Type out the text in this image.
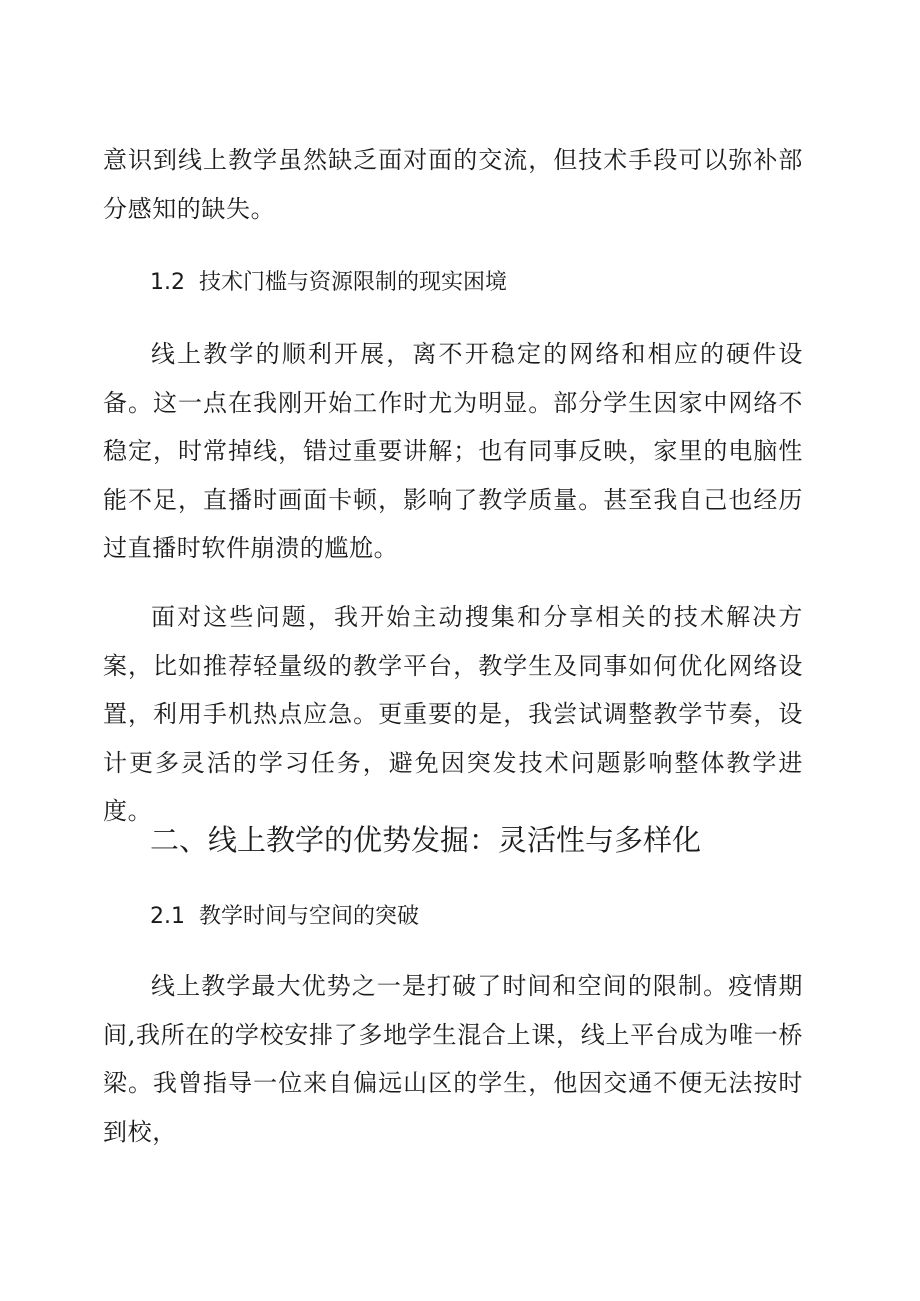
意识到线上教学虽然缺乏面对面的交流，但技术手段可以弥补部分感知的缺失。

1.2 技术门槛与资源限制的现实困境

线上教学的顺利开展，离不开稳定的网络和相应的硬件设备。这一点在我刚开始工作时尤为明显。部分学生因家中网络不稳定，时常掉线，错过重要讲解；也有同事反映，家里的电脑性能不足，直播时画面卡顿，影响了教学质量。甚至我自己也经历过直播时软件崩溃的尴尬。

面对这些问题，我开始主动搜集和分享相关的技术解决方案，比如推荐轻量级的教学平台，教学生及同事如何优化网络设置，利用手机热点应急。更重要的是，我尝试调整教学节奏，设计更多灵活的学习任务，避免因突发技术问题影响整体教学进度。

二、线上教学的优势发掘：灵活性与多样化
2.1 教学时间与空间的突破

线上教学最大优势之一是打破了时间和空间的限制。疫情期间,我所在的学校安排了多地学生混合上课，线上平台成为唯一桥梁。我曾指导一位来自偏远山区的学生，他因交通不便无法按时到校，
